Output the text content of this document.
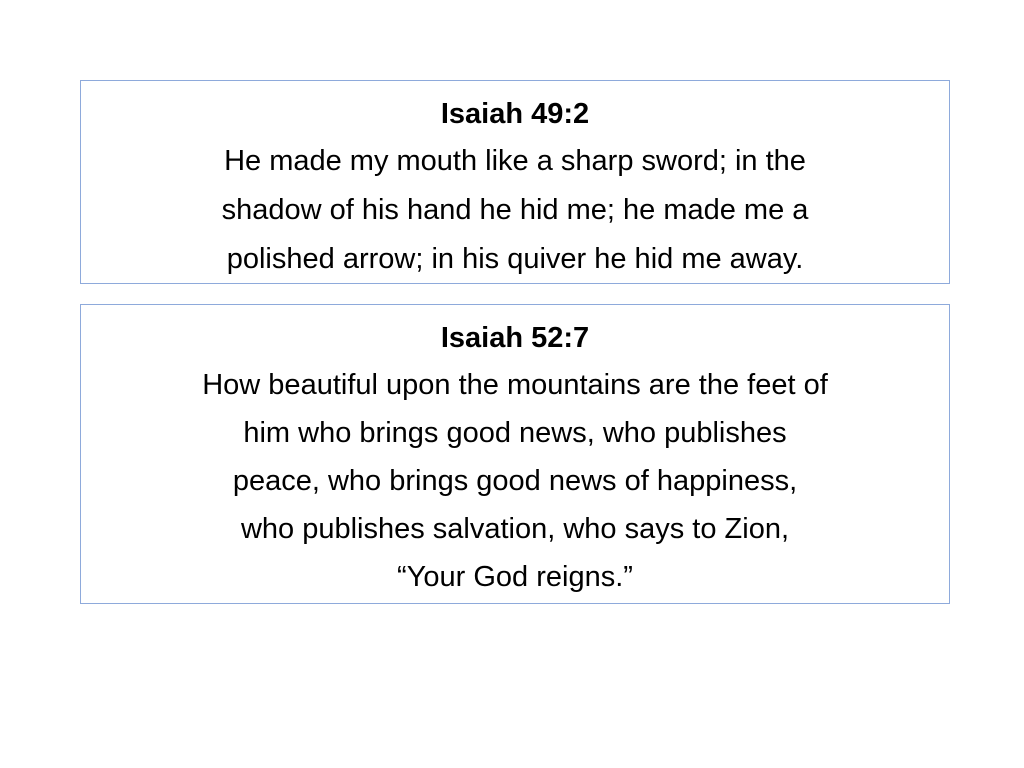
Isaiah 49:2
He made my mouth like a sharp sword; in the
shadow of his hand he hid me; he made me a
polished arrow; in his quiver he hid me away.
Isaiah 52:7
How beautiful upon the mountains are the feet of
him who brings good news, who publishes
peace, who brings good news of happiness,
who publishes salvation, who says to Zion,
“Your God reigns.”
